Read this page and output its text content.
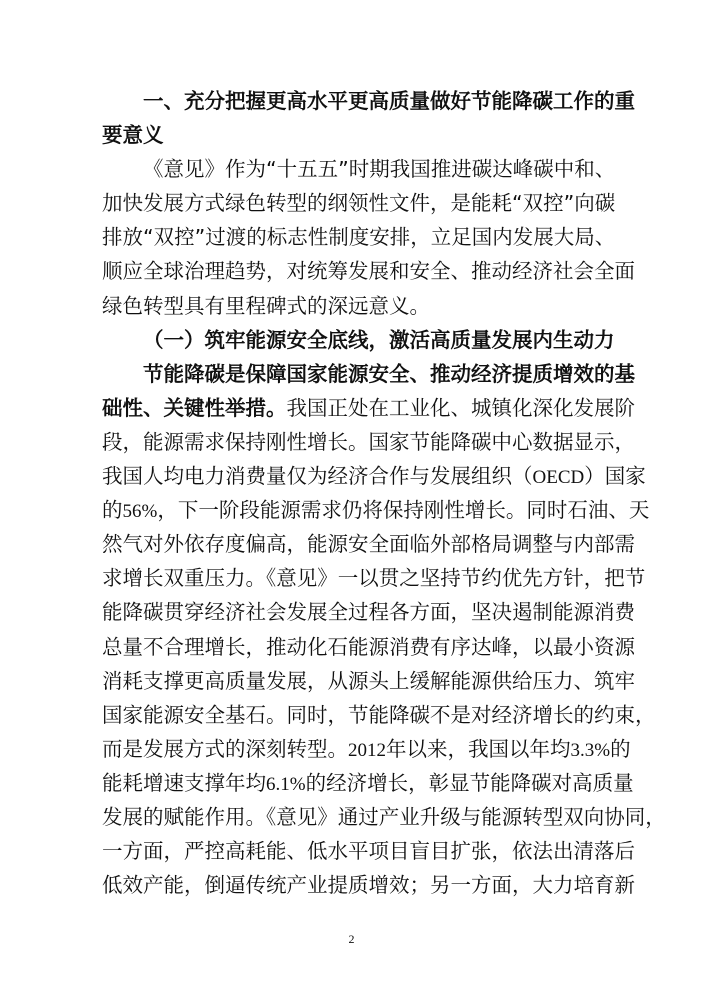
一、充分把握更高水平更高质量做好节能降碳工作的重
要意义
《意见》作为“十五五”时期我国推进碳达峰碳中和、
加快发展方式绿色转型的纲领性文件，是能耗“双控”向碳
排放“双控”过渡的标志性制度安排，立足国内发展大局、
顺应全球治理趋势，对统筹发展和安全、推动经济社会全面
绿色转型具有里程碑式的深远意义。
（一）筑牢能源安全底线，激活高质量发展内生动力
节能降碳是保障国家能源安全、推动经济提质增效的基
础性、关键性举措。我国正处在工业化、城镇化深化发展阶
段，能源需求保持刚性增长。国家节能降碳中心数据显示，
我国人均电力消费量仅为经济合作与发展组织（OECD）国家
的56%，下一阶段能源需求仍将保持刚性增长。同时石油、天
然气对外依存度偏高，能源安全面临外部格局调整与内部需
求增长双重压力。《意见》一以贯之坚持节约优先方针，把节
能降碳贯穿经济社会发展全过程各方面，坚决遏制能源消费
总量不合理增长，推动化石能源消费有序达峰，以最小资源
消耗支撑更高质量发展，从源头上缓解能源供给压力、筑牢
国家能源安全基石。同时，节能降碳不是对经济增长的约束，
而是发展方式的深刻转型。2012年以来，我国以年均3.3%的
能耗增速支撑年均6.1%的经济增长，彰显节能降碳对高质量
发展的赋能作用。《意见》通过产业升级与能源转型双向协同，
一方面，严控高耗能、低水平项目盲目扩张，依法出清落后
低效产能，倒逼传统产业提质增效；另一方面，大力培育新
2
